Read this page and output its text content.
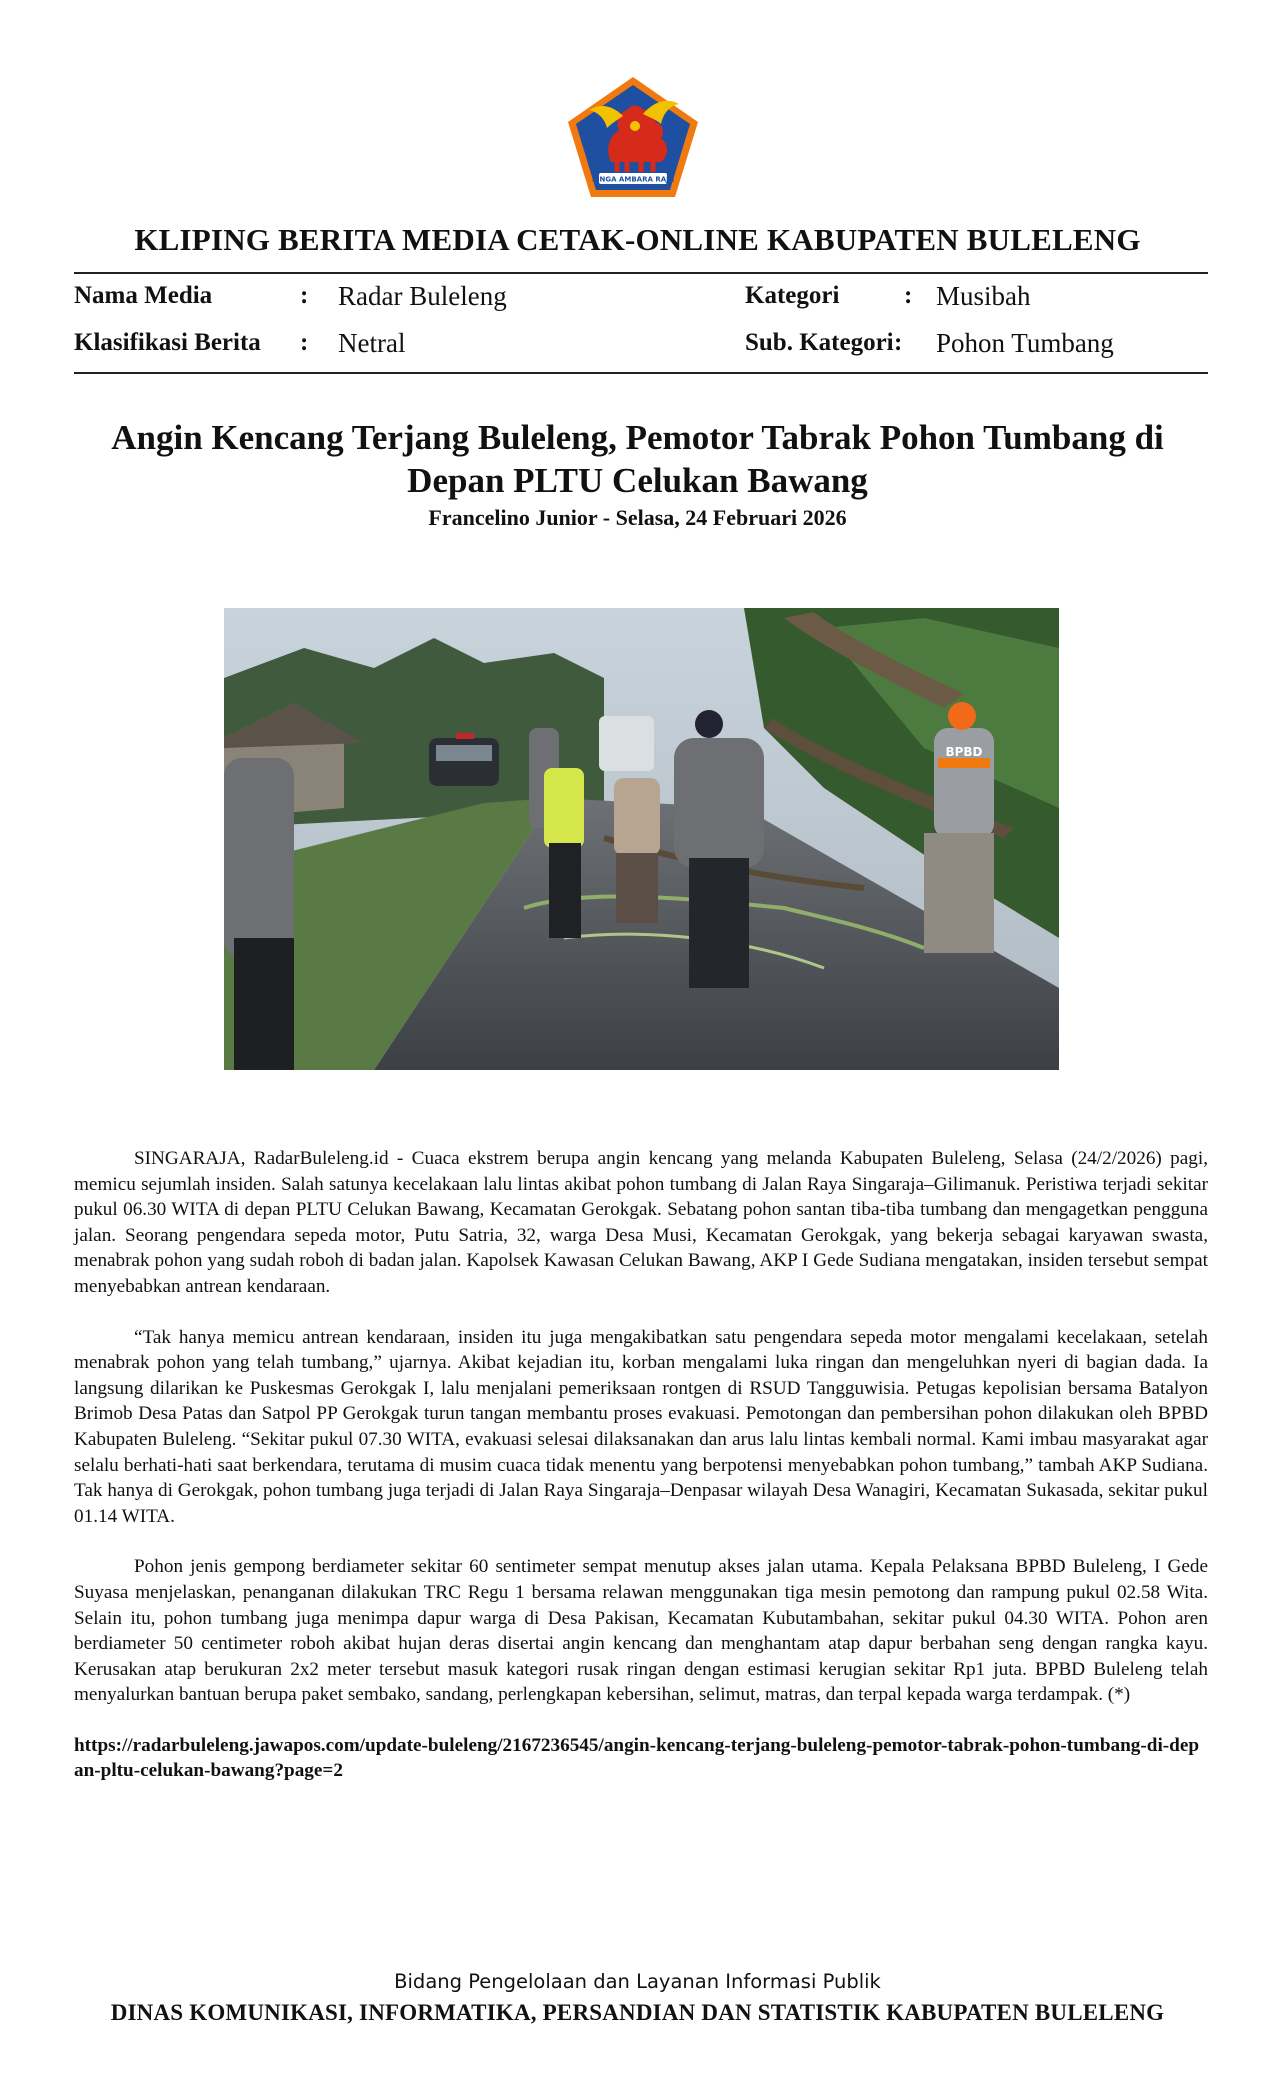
SINGA AMBARA RAJA
KLIPING BERITA MEDIA CETAK-ONLINE KABUPATEN BULELENG
Nama Media	: Radar Buleleng	Kategori	: Musibah
Klasifikasi Berita : Netral	Sub. Kategori : Pohon Tumbang
Angin Kencang Terjang Buleleng, Pemotor Tabrak Pohon Tumbang di Depan PLTU Celukan Bawang
Francelino Junior - Selasa, 24 Februari 2026
BPBD

SINGARAJA, RadarBuleleng.id - Cuaca ekstrem berupa angin kencang yang melanda Kabupaten Buleleng, Selasa (24/2/2026) pagi, memicu sejumlah insiden. Salah satunya kecelakaan lalu lintas akibat pohon tumbang di Jalan Raya Singaraja–Gilimanuk. Peristiwa terjadi sekitar pukul 06.30 WITA di depan PLTU Celukan Bawang, Kecamatan Gerokgak. Sebatang pohon santan tiba-tiba tumbang dan mengagetkan pengguna jalan. Seorang pengendara sepeda motor, Putu Satria, 32, warga Desa Musi, Kecamatan Gerokgak, yang bekerja sebagai karyawan swasta, menabrak pohon yang sudah roboh di badan jalan. Kapolsek Kawasan Celukan Bawang, AKP I Gede Sudiana mengatakan, insiden tersebut sempat menyebabkan antrean kendaraan.

“Tak hanya memicu antrean kendaraan, insiden itu juga mengakibatkan satu pengendara sepeda motor mengalami kecelakaan, setelah menabrak pohon yang telah tumbang,” ujarnya. Akibat kejadian itu, korban mengalami luka ringan dan mengeluhkan nyeri di bagian dada. Ia langsung dilarikan ke Puskesmas Gerokgak I, lalu menjalani pemeriksaan rontgen di RSUD Tangguwisia. Petugas kepolisian bersama Batalyon Brimob Desa Patas dan Satpol PP Gerokgak turun tangan membantu proses evakuasi. Pemotongan dan pembersihan pohon dilakukan oleh BPBD Kabupaten Buleleng. “Sekitar pukul 07.30 WITA, evakuasi selesai dilaksanakan dan arus lalu lintas kembali normal. Kami imbau masyarakat agar selalu berhati-hati saat berkendara, terutama di musim cuaca tidak menentu yang berpotensi menyebabkan pohon tumbang,” tambah AKP Sudiana. Tak hanya di Gerokgak, pohon tumbang juga terjadi di Jalan Raya Singaraja–Denpasar wilayah Desa Wanagiri, Kecamatan Sukasada, sekitar pukul 01.14 WITA.

Pohon jenis gempong berdiameter sekitar 60 sentimeter sempat menutup akses jalan utama. Kepala Pelaksana BPBD Buleleng, I Gede Suyasa menjelaskan, penanganan dilakukan TRC Regu 1 bersama relawan menggunakan tiga mesin pemotong dan rampung pukul 02.58 Wita. Selain itu, pohon tumbang juga menimpa dapur warga di Desa Pakisan, Kecamatan Kubutambahan, sekitar pukul 04.30 WITA. Pohon aren berdiameter 50 centimeter roboh akibat hujan deras disertai angin kencang dan menghantam atap dapur berbahan seng dengan rangka kayu. Kerusakan atap berukuran 2x2 meter tersebut masuk kategori rusak ringan dengan estimasi kerugian sekitar Rp1 juta. BPBD Buleleng telah menyalurkan bantuan berupa paket sembako, sandang, perlengkapan kebersihan, selimut, matras, dan terpal kepada warga terdampak. (*)

https://radarbuleleng.jawapos.com/update-buleleng/2167236545/angin-kencang-terjang-buleleng-pemotor-tabrak-pohon-tumbang-di-depan-pltu-celukan-bawang?page=2

Bidang Pengelolaan dan Layanan Informasi Publik
DINAS KOMUNIKASI, INFORMATIKA, PERSANDIAN DAN STATISTIK KABUPATEN BULELENG
